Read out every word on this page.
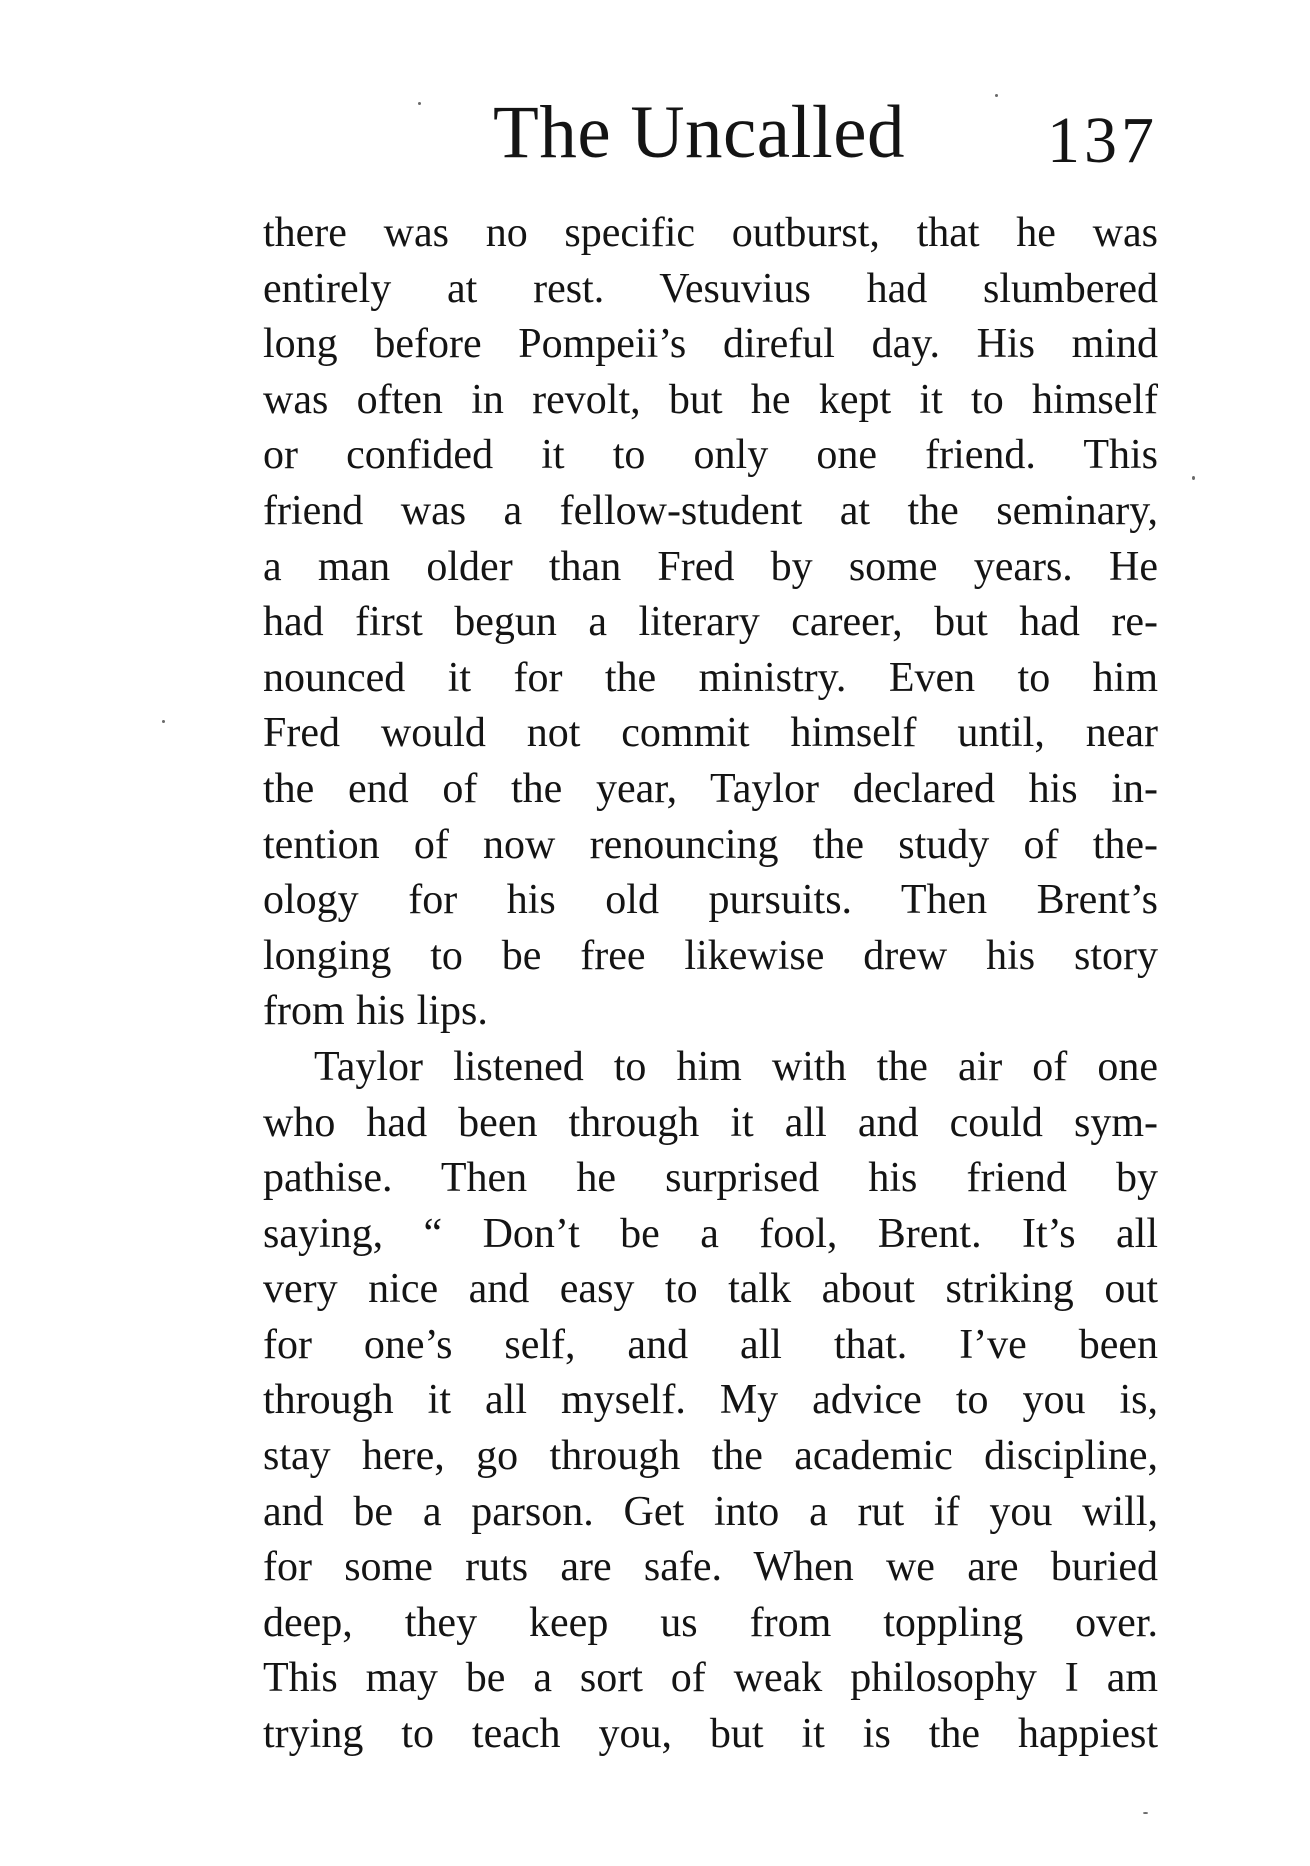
The Uncalled 137
there was no specific outburst, that he was
entirely at rest. Vesuvius had slumbered
long before Pompeii’s direful day. His mind
was often in revolt, but he kept it to himself
or confided it to only one friend. This
friend was a fellow-student at the seminary,
a man older than Fred by some years. He
had first begun a literary career, but had re-
nounced it for the ministry. Even to him
Fred would not commit himself until, near
the end of the year, Taylor declared his in-
tention of now renouncing the study of the-
ology for his old pursuits. Then Brent’s
longing to be free likewise drew his story
from his lips.
Taylor listened to him with the air of one
who had been through it all and could sym-
pathise. Then he surprised his friend by
saying, “ Don’t be a fool, Brent. It’s all
very nice and easy to talk about striking out
for one’s self, and all that. I’ve been
through it all myself. My advice to you is,
stay here, go through the academic discipline,
and be a parson. Get into a rut if you will,
for some ruts are safe. When we are buried
deep, they keep us from toppling over.
This may be a sort of weak philosophy I am
trying to teach you, but it is the happiest
